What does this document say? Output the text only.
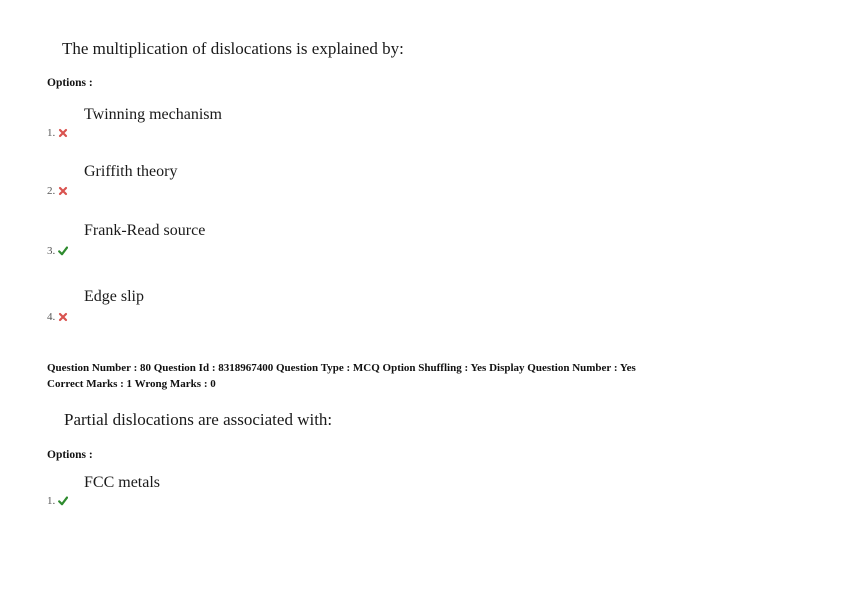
The multiplication of dislocations is explained by:
Options :
Twinning mechanism
1.
Griffith theory
2.
Frank-Read source
3.
Edge slip
4.
Question Number : 80 Question Id : 8318967400 Question Type : MCQ Option Shuffling : Yes Display Question Number : Yes
Correct Marks : 1 Wrong Marks : 0
Partial dislocations are associated with:
Options :
FCC metals
1.
